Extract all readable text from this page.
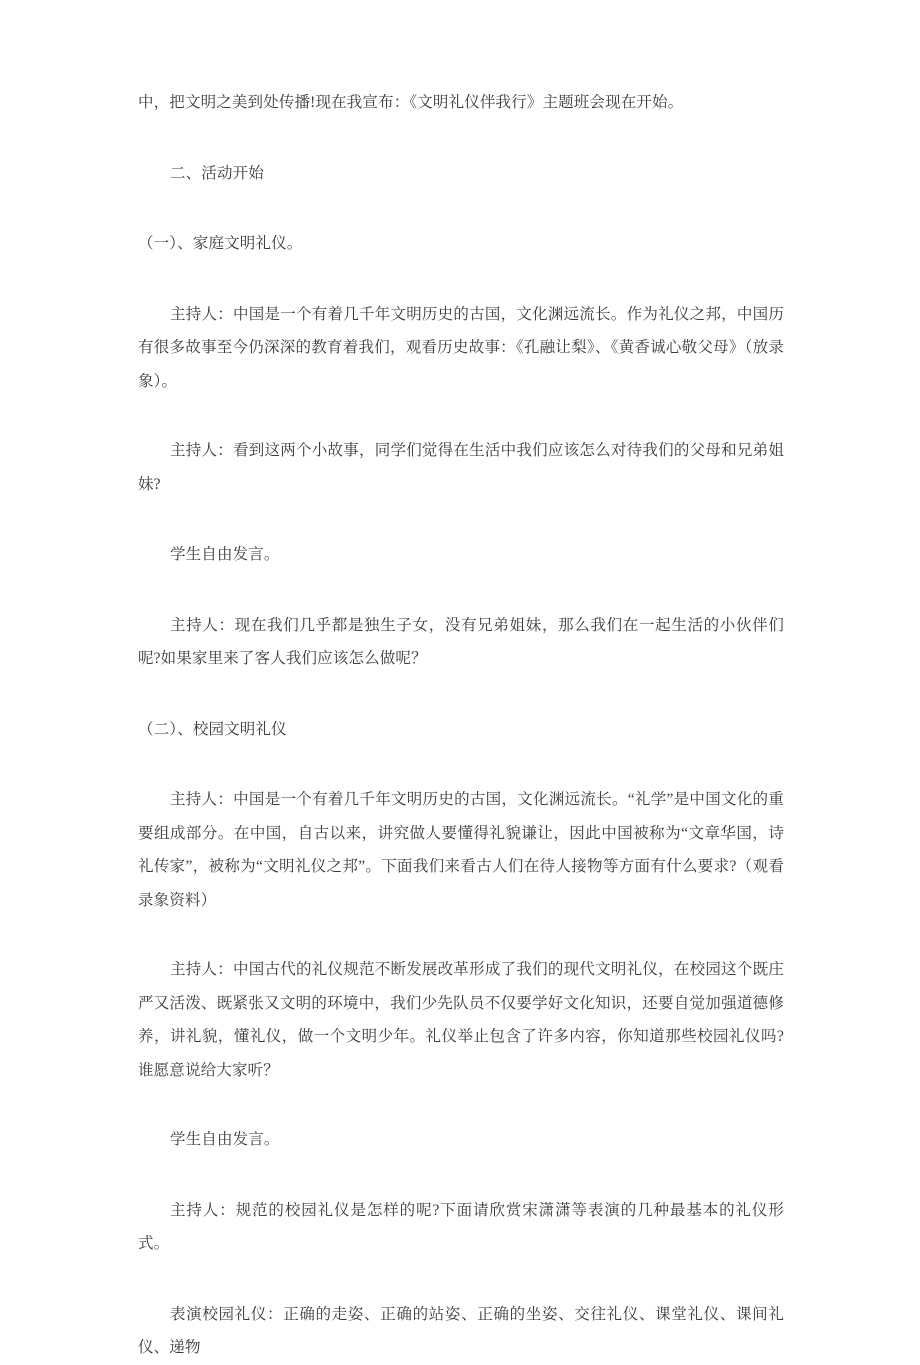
中，把文明之美到处传播!现在我宣布：《文明礼仪伴我行》主题班会现在开始。

二、活动开始

（一）、家庭文明礼仪。

主持人：中国是一个有着几千年文明历史的古国，文化渊远流长。作为礼仪之邦，中国历有很多故事至今仍深深的教育着我们，观看历史故事：《孔融让梨》、《黄香诚心敬父母》（放录象）。

主持人：看到这两个小故事，同学们觉得在生活中我们应该怎么对待我们的父母和兄弟姐妹?

学生自由发言。

主持人：现在我们几乎都是独生子女，没有兄弟姐妹，那么我们在一起生活的小伙伴们呢?如果家里来了客人我们应该怎么做呢？

（二）、校园文明礼仪

主持人：中国是一个有着几千年文明历史的古国，文化渊远流长。“礼学”是中国文化的重要组成部分。在中国，自古以来，讲究做人要懂得礼貌谦让，因此中国被称为“文章华国，诗礼传家”，被称为“文明礼仪之邦”。下面我们来看古人们在待人接物等方面有什么要求?（观看录象资料）

主持人：中国古代的礼仪规范不断发展改革形成了我们的现代文明礼仪，在校园这个既庄严又活泼、既紧张又文明的环境中，我们少先队员不仅要学好文化知识，还要自觉加强道德修养，讲礼貌，懂礼仪，做一个文明少年。礼仪举止包含了许多内容，你知道那些校园礼仪吗?谁愿意说给大家听？

学生自由发言。

主持人：规范的校园礼仪是怎样的呢?下面请欣赏宋潇潇等表演的几种最基本的礼仪形式。

表演校园礼仪：正确的走姿、正确的站姿、正确的坐姿、交往礼仪、课堂礼仪、课间礼仪、递物
